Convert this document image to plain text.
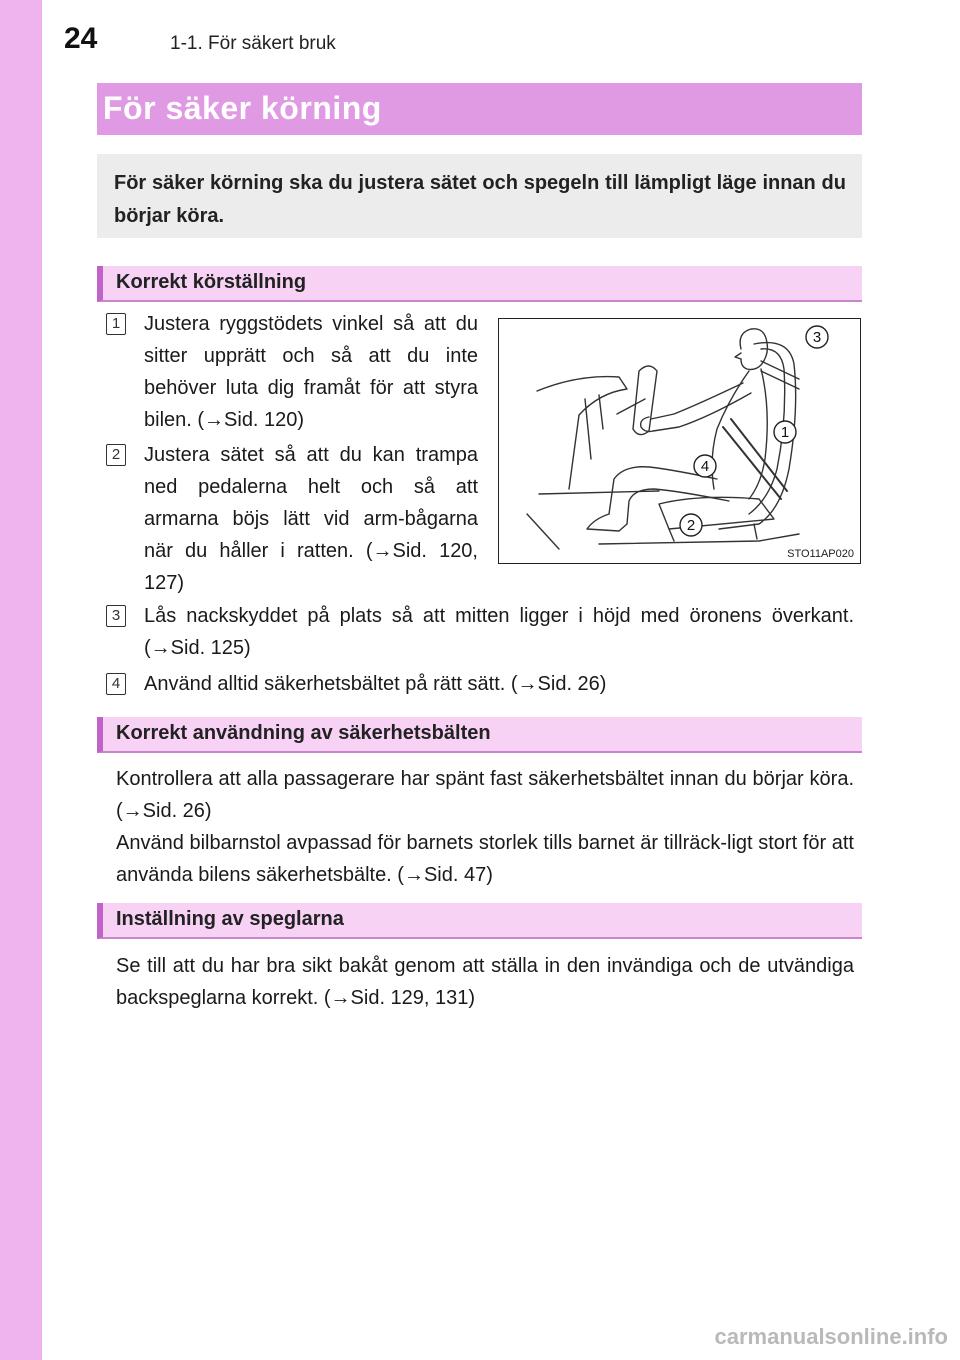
24	1-1. För säkert bruk
För säker körning
För säker körning ska du justera sätet och spegeln till lämpligt läge innan du börjar köra.
Korrekt körställning
1 Justera ryggstödets vinkel så att du sitter upprätt och så att du inte behöver luta dig framåt för att styra bilen. (→Sid. 120)
2 Justera sätet så att du kan trampa ned pedalerna helt och så att armarna böjs lätt vid arm-bågarna när du håller i ratten. (→Sid. 120, 127)
3 Lås nackskyddet på plats så att mitten ligger i höjd med öronens överkant. (→Sid. 125)
4 Använd alltid säkerhetsbältet på rätt sätt. (→Sid. 26)
3
1
4
2
STO11AP020
Korrekt användning av säkerhetsbälten
Kontrollera att alla passagerare har spänt fast säkerhetsbältet innan du börjar köra. (→Sid. 26)
Använd bilbarnstol avpassad för barnets storlek tills barnet är tillräck-ligt stort för att använda bilens säkerhetsbälte. (→Sid. 47)
Inställning av speglarna
Se till att du har bra sikt bakåt genom att ställa in den invändiga och de utvändiga backspeglarna korrekt. (→Sid. 129, 131)
carmanualsonline.info
